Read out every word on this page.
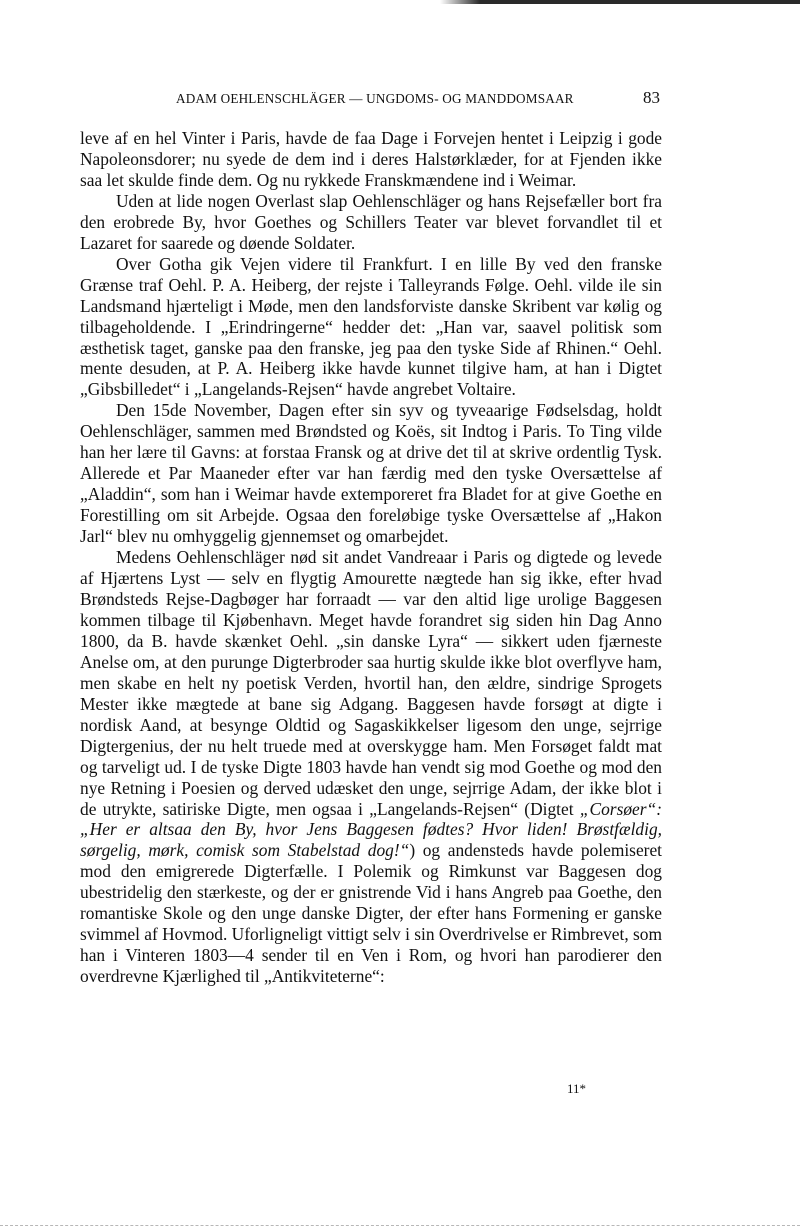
ADAM OEHLENSCHLÄGER — UNGDOMS- OG MANDDOMSAAR	83

leve af en hel Vinter i Paris, havde de faa Dage i Forvejen hentet i Leipzig i gode Napoleonsdorer; nu syede de dem ind i deres Halstørklæder, for at Fjenden ikke saa let skulde finde dem. Og nu rykkede Franskmændene ind i Weimar.

Uden at lide nogen Overlast slap Oehlenschläger og hans Rejsefæller bort fra den erobrede By, hvor Goethes og Schillers Teater var blevet forvandlet til et Lazaret for saarede og døende Soldater.

Over Gotha gik Vejen videre til Frankfurt. I en lille By ved den franske Grænse traf Oehl. P. A. Heiberg, der rejste i Talleyrands Følge. Oehl. vilde ile sin Landsmand hjærteligt i Møde, men den landsforviste danske Skribent var kølig og tilbageholdende. I „Erindringerne“ hedder det: „Han var, saavel politisk som æsthetisk taget, ganske paa den franske, jeg paa den tyske Side af Rhinen.“ Oehl. mente desuden, at P. A. Heiberg ikke havde kunnet tilgive ham, at han i Digtet „Gibsbilledet“ i „Langelands-Rejsen“ havde angrebet Voltaire.

Den 15de November, Dagen efter sin syv og tyveaarige Fødselsdag, holdt Oehlenschläger, sammen med Brøndsted og Koës, sit Indtog i Paris. To Ting vilde han her lære til Gavns: at forstaa Fransk og at drive det til at skrive ordentlig Tysk. Allerede et Par Maaneder efter var han færdig med den tyske Oversættelse af „Aladdin“, som han i Weimar havde extemporeret fra Bladet for at give Goethe en Forestilling om sit Arbejde. Ogsaa den foreløbige tyske Oversættelse af „Hakon Jarl“ blev nu omhyggelig gjennemset og omarbejdet.

Medens Oehlenschläger nød sit andet Vandreaar i Paris og digtede og levede af Hjærtens Lyst — selv en flygtig Amourette nægtede han sig ikke, efter hvad Brøndsteds Rejse-Dagbøger har forraadt — var den altid lige urolige Baggesen kommen tilbage til Kjøbenhavn. Meget havde forandret sig siden hin Dag Anno 1800, da B. havde skænket Oehl. „sin danske Lyra“ — sikkert uden fjærneste Anelse om, at den purunge Digterbroder saa hurtig skulde ikke blot overflyve ham, men skabe en helt ny poetisk Verden, hvortil han, den ældre, sindrige Sprogets Mester ikke mægtede at bane sig Adgang. Baggesen havde forsøgt at digte i nordisk Aand, at besynge Oldtid og Sagaskikkelser ligesom den unge, sejrrige Digtergenius, der nu helt truede med at overskygge ham. Men Forsøget faldt mat og tarveligt ud. I de tyske Digte 1803 havde han vendt sig mod Goethe og mod den nye Retning i Poesien og derved udæsket den unge, sejrrige Adam, der ikke blot i de utrykte, satiriske Digte, men ogsaa i „Langelands-Rejsen“ (Digtet „Corsøer“: „Her er altsaa den By, hvor Jens Baggesen fødtes? Hvor liden! Brøstfældig, sørgelig, mørk, comisk som Stabelstad dog!“) og andensteds havde polemiseret mod den emigrerede Digterfælle. I Polemik og Rimkunst var Baggesen dog ubestridelig den stærkeste, og der er gnistrende Vid i hans Angreb paa Goethe, den romantiske Skole og den unge danske Digter, der efter hans Formening er ganske svimmel af Hovmod. Uforligneligt vittigt selv i sin Overdrivelse er Rimbrevet, som han i Vinteren 1803—4 sender til en Ven i Rom, og hvori han parodierer den overdrevne Kjærlighed til „Antikviteterne“:

11*
